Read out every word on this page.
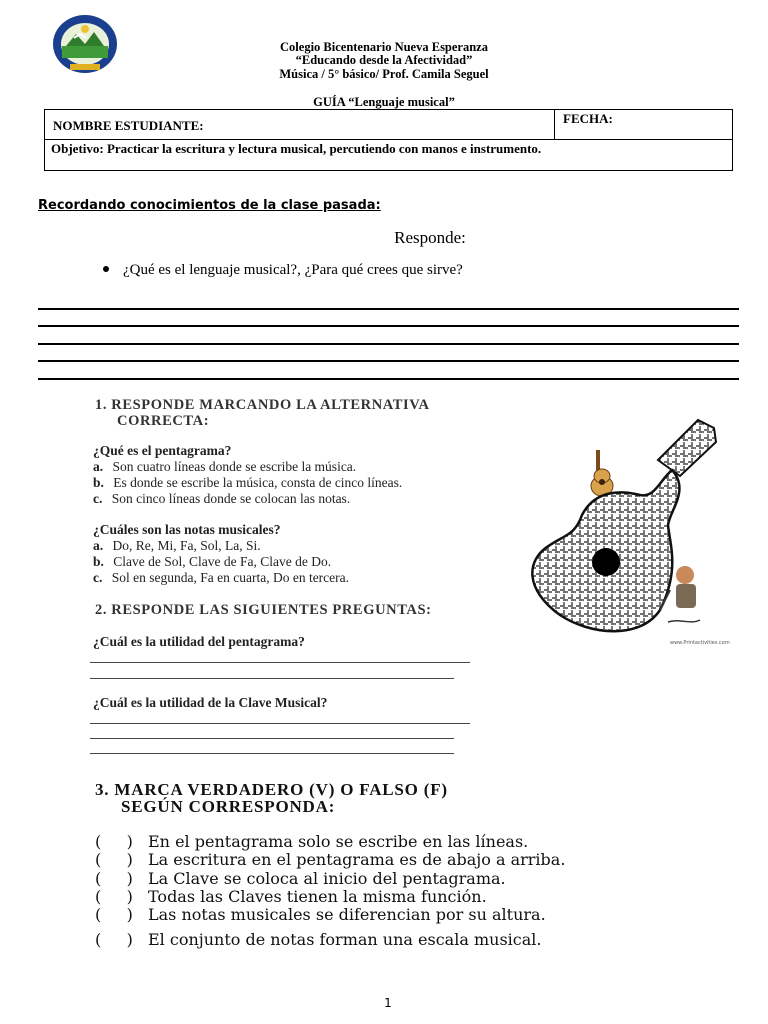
Colegio Bicentenario Nueva Esperanza
“Educando desde la Afectividad”
Música / 5° básico/ Prof. Camila Seguel
GUÍA “Lenguaje musical”
NOMBRE ESTUDIANTE:	FECHA:
Objetivo: Practicar la escritura y lectura musical, percutiendo con manos e instrumento.
Recordando conocimientos de la clase pasada:
Responde:
¿Qué es el lenguaje musical?, ¿Para qué crees que sirve?
1. RESPONDE MARCANDO LA ALTERNATIVA
CORRECTA:
¿Qué es el pentagrama?
a. Son cuatro líneas donde se escribe la música.
b. Es donde se escribe la música, consta de cinco líneas.
c. Son cinco líneas donde se colocan las notas.
¿Cuáles son las notas musicales?
a. Do, Re, Mi, Fa, Sol, La, Si.
b. Clave de Sol, Clave de Fa, Clave de Do.
c. Sol en segunda, Fa en cuarta, Do en tercera.
2. RESPONDE LAS SIGUIENTES PREGUNTAS:
¿Cuál es la utilidad del pentagrama?
¿Cuál es la utilidad de la Clave Musical?
3. MARCA VERDADERO (V) O FALSO (F)
SEGÚN CORRESPONDA:
(     ) En el pentagrama solo se escribe en las líneas.
(     ) La escritura en el pentagrama es de abajo a arriba.
(     ) La Clave se coloca al inicio del pentagrama.
(     ) Todas las Claves tienen la misma función.
(     ) Las notas musicales se diferencian por su altura.
(     ) El conjunto de notas forman una escala musical.
www.Printactivities.com
1
